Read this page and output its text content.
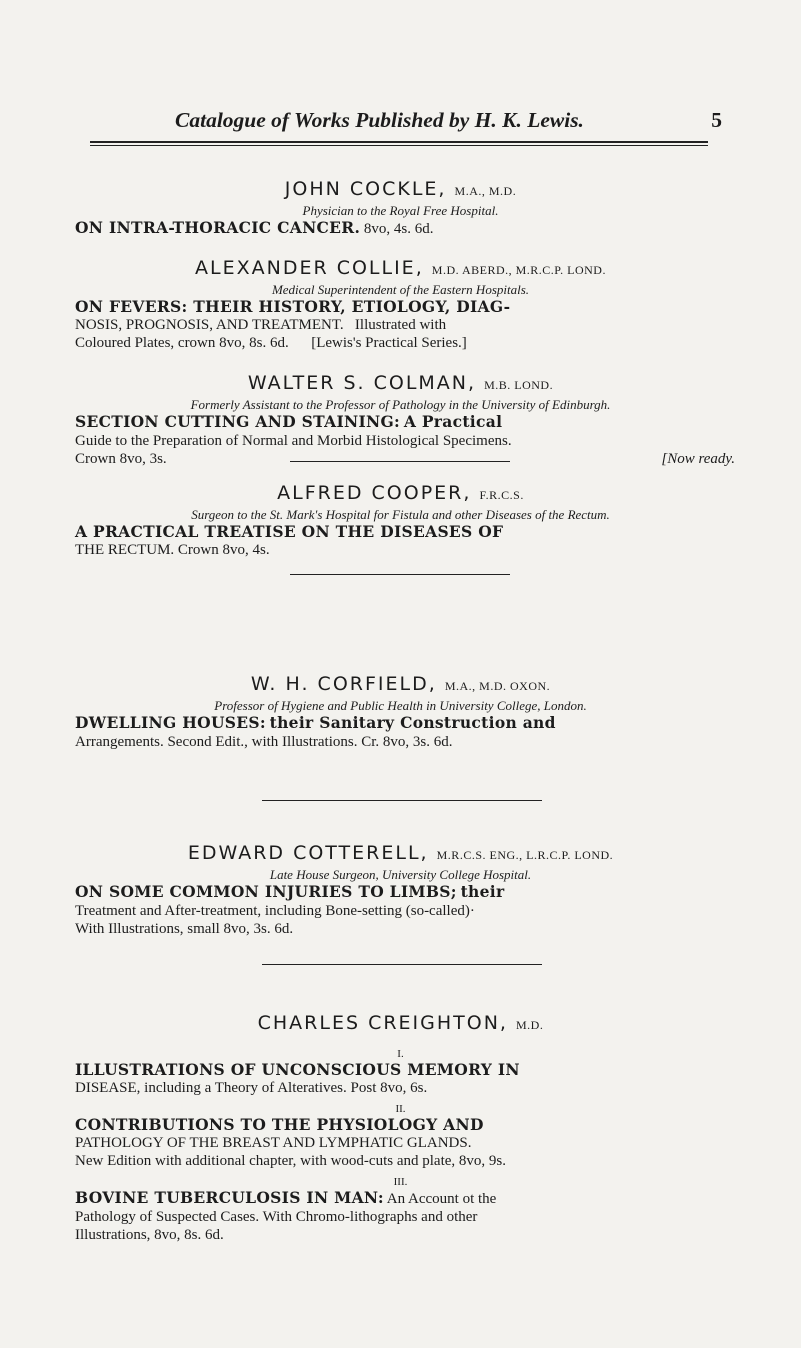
Catalogue of Works Published by H. K. Lewis.	5
JOHN COCKLE, M.A., M.D.
Physician to the Royal Free Hospital.
ON INTRA-THORACIC CANCER. 8vo, 4s. 6d.
ALEXANDER COLLIE, M.D. ABERD., M.R.C.P. LOND.
Medical Superintendent of the Eastern Hospitals.
ON FEVERS: THEIR HISTORY, ETIOLOGY, DIAG-
NOSIS, PROGNOSIS, AND TREATMENT. Illustrated with
Coloured Plates, crown 8vo, 8s. 6d. [Lewis's Practical Series.]
WALTER S. COLMAN, M.B. LOND.
Formerly Assistant to the Professor of Pathology in the University of Edinburgh.
SECTION CUTTING AND STAINING: A Practical
Guide to the Preparation of Normal and Morbid Histological Specimens.
Crown 8vo, 3s.	[Now ready.
ALFRED COOPER, F.R.C.S.
Surgeon to the St. Mark's Hospital for Fistula and other Diseases of the Rectum.
A PRACTICAL TREATISE ON THE DISEASES OF
THE RECTUM. Crown 8vo, 4s.
W. H. CORFIELD, M.A., M.D. OXON.
Professor of Hygiene and Public Health in University College, London.
DWELLING HOUSES: their Sanitary Construction and
Arrangements. Second Edit., with Illustrations. Cr. 8vo, 3s. 6d.
EDWARD COTTERELL, M.R.C.S. ENG., L.R.C.P. LOND.
Late House Surgeon, University College Hospital.
ON SOME COMMON INJURIES TO LIMBS; their
Treatment and After-treatment, including Bone-setting (so-called)·
With Illustrations, small 8vo, 3s. 6d.
CHARLES CREIGHTON, M.D.
I.
ILLUSTRATIONS OF UNCONSCIOUS MEMORY IN
DISEASE, including a Theory of Alteratives. Post 8vo, 6s.
II.
CONTRIBUTIONS TO THE PHYSIOLOGY AND
PATHOLOGY OF THE BREAST AND LYMPHATIC GLANDS.
New Edition with additional chapter, with wood-cuts and plate, 8vo, 9s.
III.
BOVINE TUBERCULOSIS IN MAN: An Account ot the
Pathology of Suspected Cases. With Chromo-lithographs and other
Illustrations, 8vo, 8s. 6d.
